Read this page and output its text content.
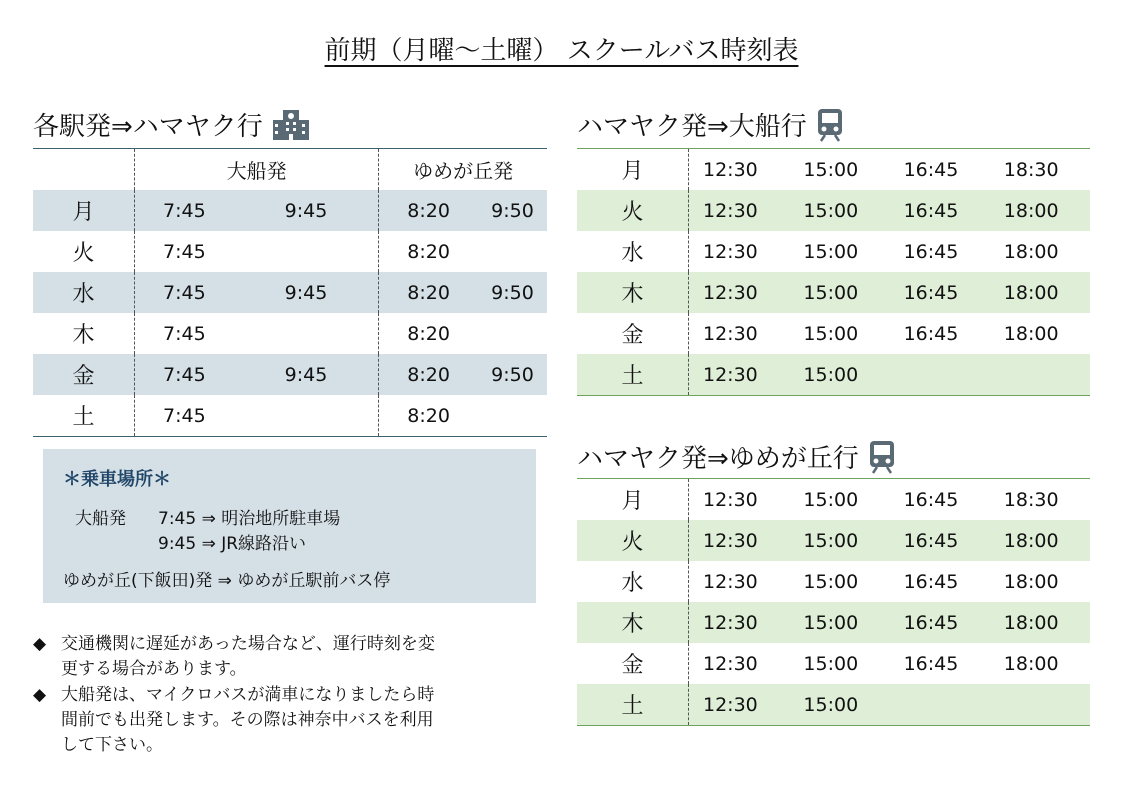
前期（月曜～土曜） スクールバス時刻表
各駅発⇒ハマヤク行
	大船発		ゆめが丘発	
月	7:45	9:45	8:20	9:50
火	7:45		8:20	
水	7:45	9:45	8:20	9:50
木	7:45		8:20	
金	7:45	9:45	8:20	9:50
土	7:45		8:20	
ハマヤク発⇒大船行
月	12:30	15:00	16:45	18:30
火	12:30	15:00	16:45	18:00
水	12:30	15:00	16:45	18:00
木	12:30	15:00	16:45	18:00
金	12:30	15:00	16:45	18:00
土	12:30	15:00		
ハマヤク発⇒ゆめが丘行
月	12:30	15:00	16:45	18:30
火	12:30	15:00	16:45	18:00
水	12:30	15:00	16:45	18:00
木	12:30	15:00	16:45	18:00
金	12:30	15:00	16:45	18:00
土	12:30	15:00		
＊乗車場所＊
大船発 7:45 ⇒ 明治地所駐車場
9:45 ⇒ JR線路沿い
ゆめが丘(下飯田)発 ⇒ ゆめが丘駅前バス停
◆ 交通機関に遅延があった場合など、運行時刻を変
更する場合があります。
◆ 大船発は、マイクロバスが満車になりましたら時
間前でも出発します。その際は神奈中バスを利用
して下さい。
